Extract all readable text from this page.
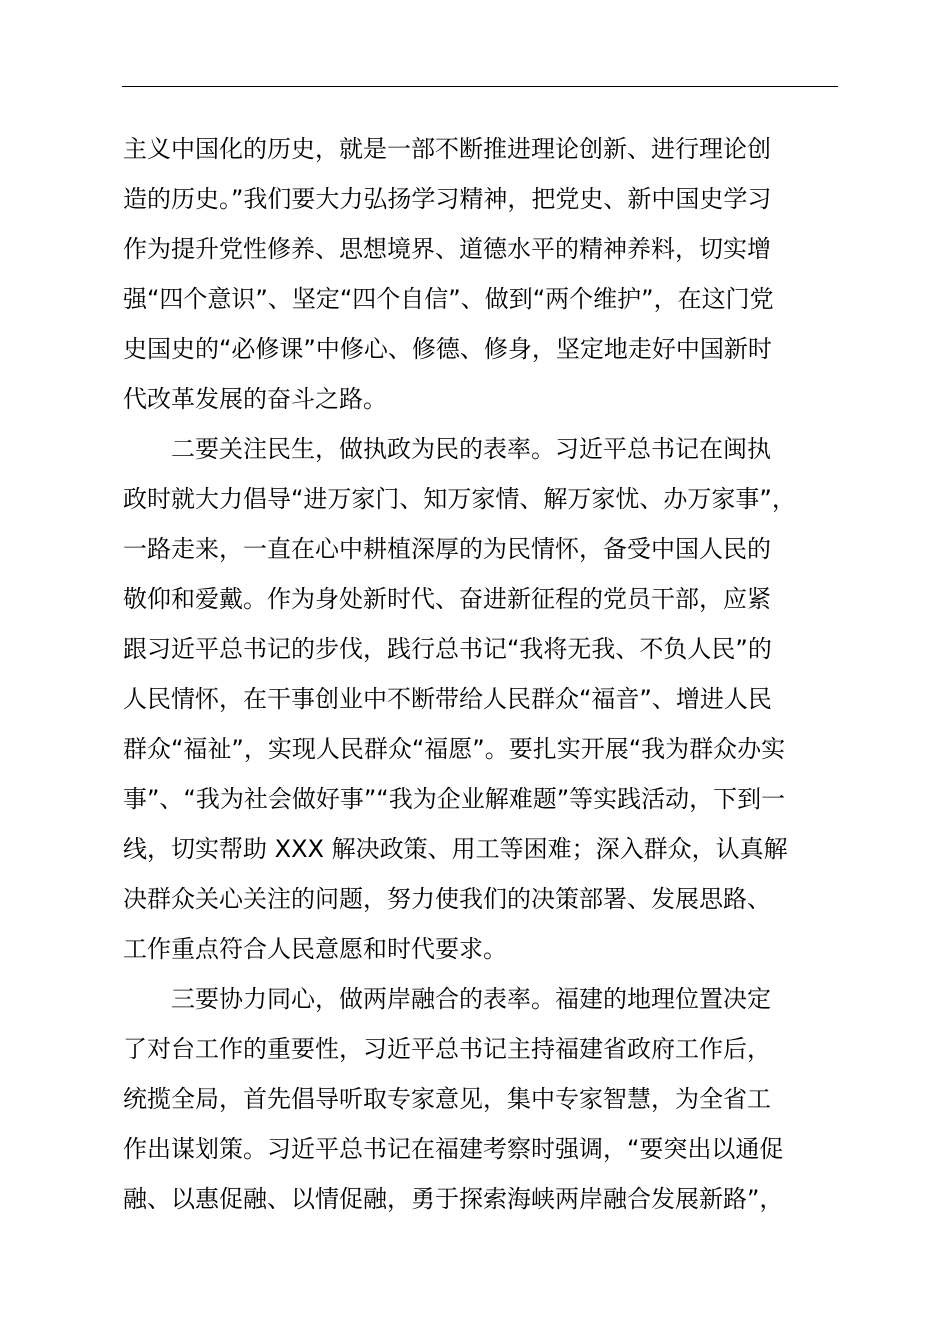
主义中国化的历史，就是一部不断推进理论创新、进行理论创
造的历史。”我们要大力弘扬学习精神，把党史、新中国史学习
作为提升党性修养、思想境界、道德水平的精神养料，切实增
强“四个意识”、坚定“四个自信”、做到“两个维护”，在这门党
史国史的“必修课”中修心、修德、修身，坚定地走好中国新时
代改革发展的奋斗之路。
　　二要关注民生，做执政为民的表率。习近平总书记在闽执
政时就大力倡导“进万家门、知万家情、解万家忧、办万家事”，
一路走来，一直在心中耕植深厚的为民情怀，备受中国人民的
敬仰和爱戴。作为身处新时代、奋进新征程的党员干部，应紧
跟习近平总书记的步伐，践行总书记“我将无我、不负人民”的
人民情怀，在干事创业中不断带给人民群众“福音”、增进人民
群众“福祉”，实现人民群众“福愿”。要扎实开展“我为群众办实
事”、“我为社会做好事”“我为企业解难题”等实践活动，下到一
线，切实帮助 XXX 解决政策、用工等困难；深入群众，认真解
决群众关心关注的问题，努力使我们的决策部署、发展思路、
工作重点符合人民意愿和时代要求。
　　三要协力同心，做两岸融合的表率。福建的地理位置决定
了对台工作的重要性，习近平总书记主持福建省政府工作后，
统揽全局，首先倡导听取专家意见，集中专家智慧，为全省工
作出谋划策。习近平总书记在福建考察时强调，“要突出以通促
融、以惠促融、以情促融，勇于探索海峡两岸融合发展新路”，
